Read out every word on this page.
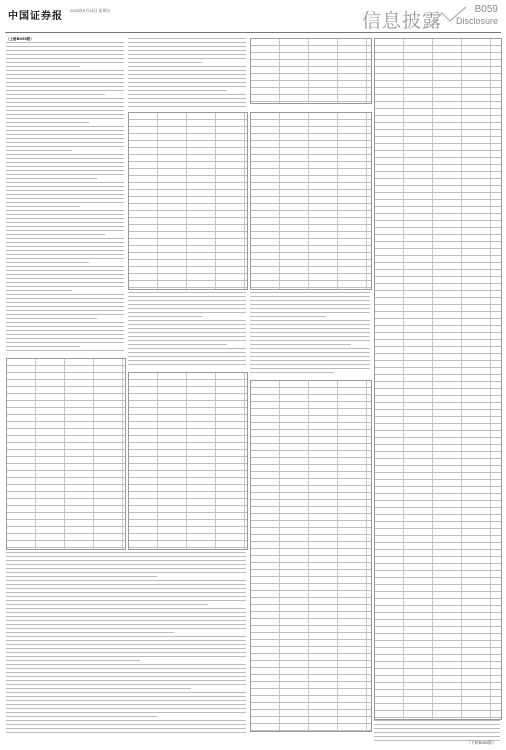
中国证券报
2024年5月13日 星期五	信息披露
B059
Disclosure
（上接B058版）
（下转B060版）
